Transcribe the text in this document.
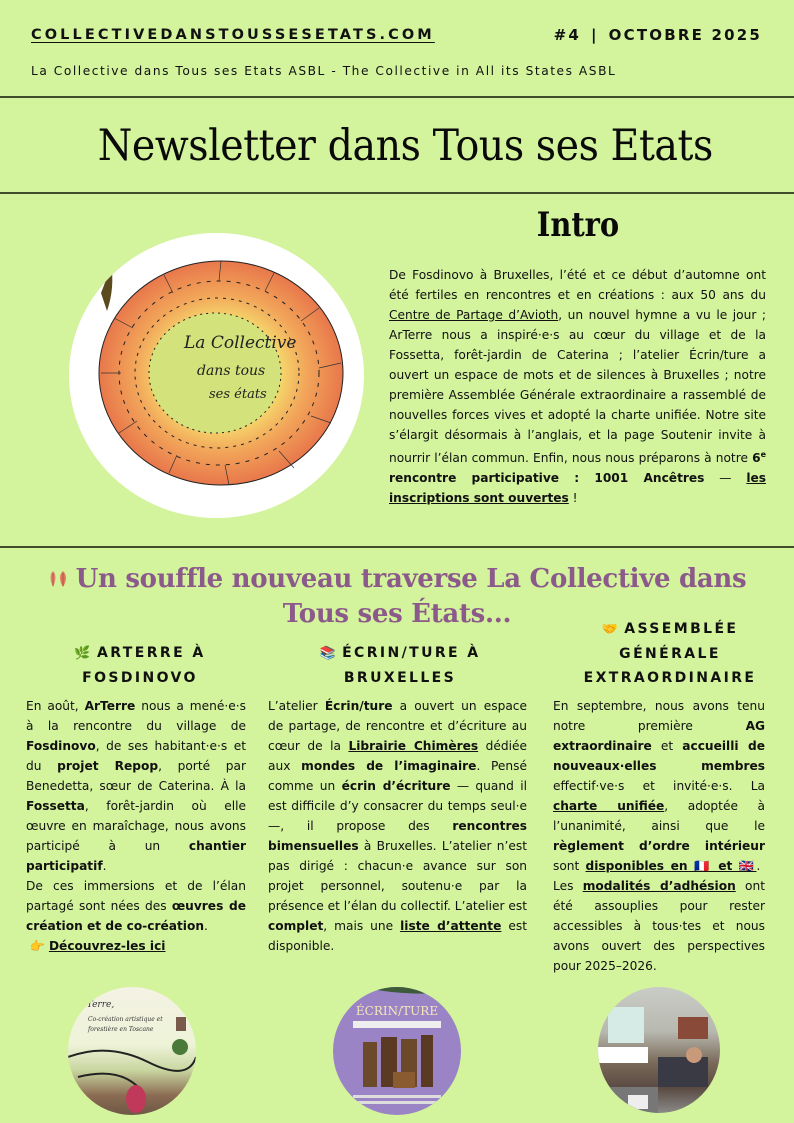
COLLECTIVEDANSTOUSSESETATS.COM	#4 | OCTOBRE 2025
La Collective dans Tous ses Etats ASBL - The Collective in All its States ASBL
Newsletter dans Tous ses Etats
La Collective
dans tous
ses états
Intro

De Fosdinovo à Bruxelles, l’été et ce début d’automne ont été fertiles en rencontres et en créations : aux 50 ans du Centre de Partage d’Avioth, un nouvel hymne a vu le jour ; ArTerre nous a inspiré·e·s au cœur du village et de la Fossetta, forêt-jardin de Caterina ; l’atelier Écrin/ture a ouvert un espace de mots et de silences à Bruxelles ; notre première Assemblée Générale extraordinaire a rassemblé de nouvelles forces vives et adopté la charte unifiée. Notre site s’élargit désormais à l’anglais, et la page Soutenir invite à nourrir l’élan commun. Enfin, nous nous préparons à notre 6e rencontre participative : 1001 Ancêtres — les inscriptions sont ouvertes !

Un souffle nouveau traverse La Collective dans Tous ses États...
🌿 ARTERRE À FOSDINOVO

En août, ArTerre nous a mené·e·s à la rencontre du village de Fosdinovo, de ses habitant·e·s et du projet Repop, porté par Benedetta, sœur de Caterina. À la Fossetta, forêt-jardin où elle œuvre en maraîchage, nous avons participé à un chantier participatif.
De ces immersions et de l’élan partagé sont nées des œuvres de création et de co-création.
👉 Découvrez-les ici

📚 ÉCRIN/TURE À BRUXELLES

L’atelier Écrin/ture a ouvert un espace de partage, de rencontre et d’écriture au cœur de la Librairie Chimères dédiée aux mondes de l’imaginaire. Pensé comme un écrin d’écriture — quand il est difficile d’y consacrer du temps seul·e —, il propose des rencontres bimensuelles à Bruxelles. L’atelier n’est pas dirigé : chacun·e avance sur son projet personnel, soutenu·e par la présence et l’élan du collectif. L’atelier est complet, mais une liste d’attente est disponible.

🤝 ASSEMBLÉE GÉNÉRALE EXTRAORDINAIRE

En septembre, nous avons tenu notre première AG extraordinaire et accueilli de nouveaux·elles membres effectif·ve·s et invité·e·s. La charte unifiée, adoptée à l’unanimité, ainsi que le règlement d’ordre intérieur sont disponibles en 🇫🇷 et 🇬🇧. Les modalités d’adhésion ont été assouplies pour rester accessibles à tous·tes et nous avons ouvert des perspectives pour 2025–2026.

ArTerre,
Co-création artistique et
forestière en Toscane
ÉCRIN/TURE
